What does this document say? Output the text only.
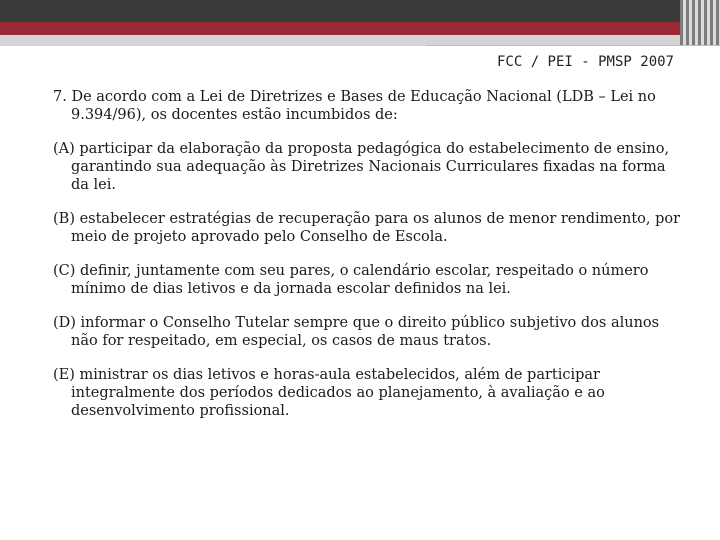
FCC / PEI - PMSP 2007

7. De acordo com a Lei de Diretrizes e Bases de Educação Nacional (LDB – Lei no 9.394/96), os docentes estão incumbidos de:

(A) participar da elaboração da proposta pedagógica do estabelecimento de ensino, garantindo sua adequação às Diretrizes Nacionais Curriculares fixadas na forma da lei.

(B) estabelecer estratégias de recuperação para os alunos de menor rendimento, por meio de projeto aprovado pelo Conselho de Escola.

(C) definir, juntamente com seu pares, o calendário escolar, respeitado o número mínimo de dias letivos e da jornada escolar definidos na lei.

(D) informar o Conselho Tutelar sempre que o direito público subjetivo dos alunos não for respeitado, em especial, os casos de maus tratos.

(E) ministrar os dias letivos e horas-aula estabelecidos, além de participar integralmente dos períodos dedicados ao planejamento, à avaliação e ao desenvolvimento profissional.
